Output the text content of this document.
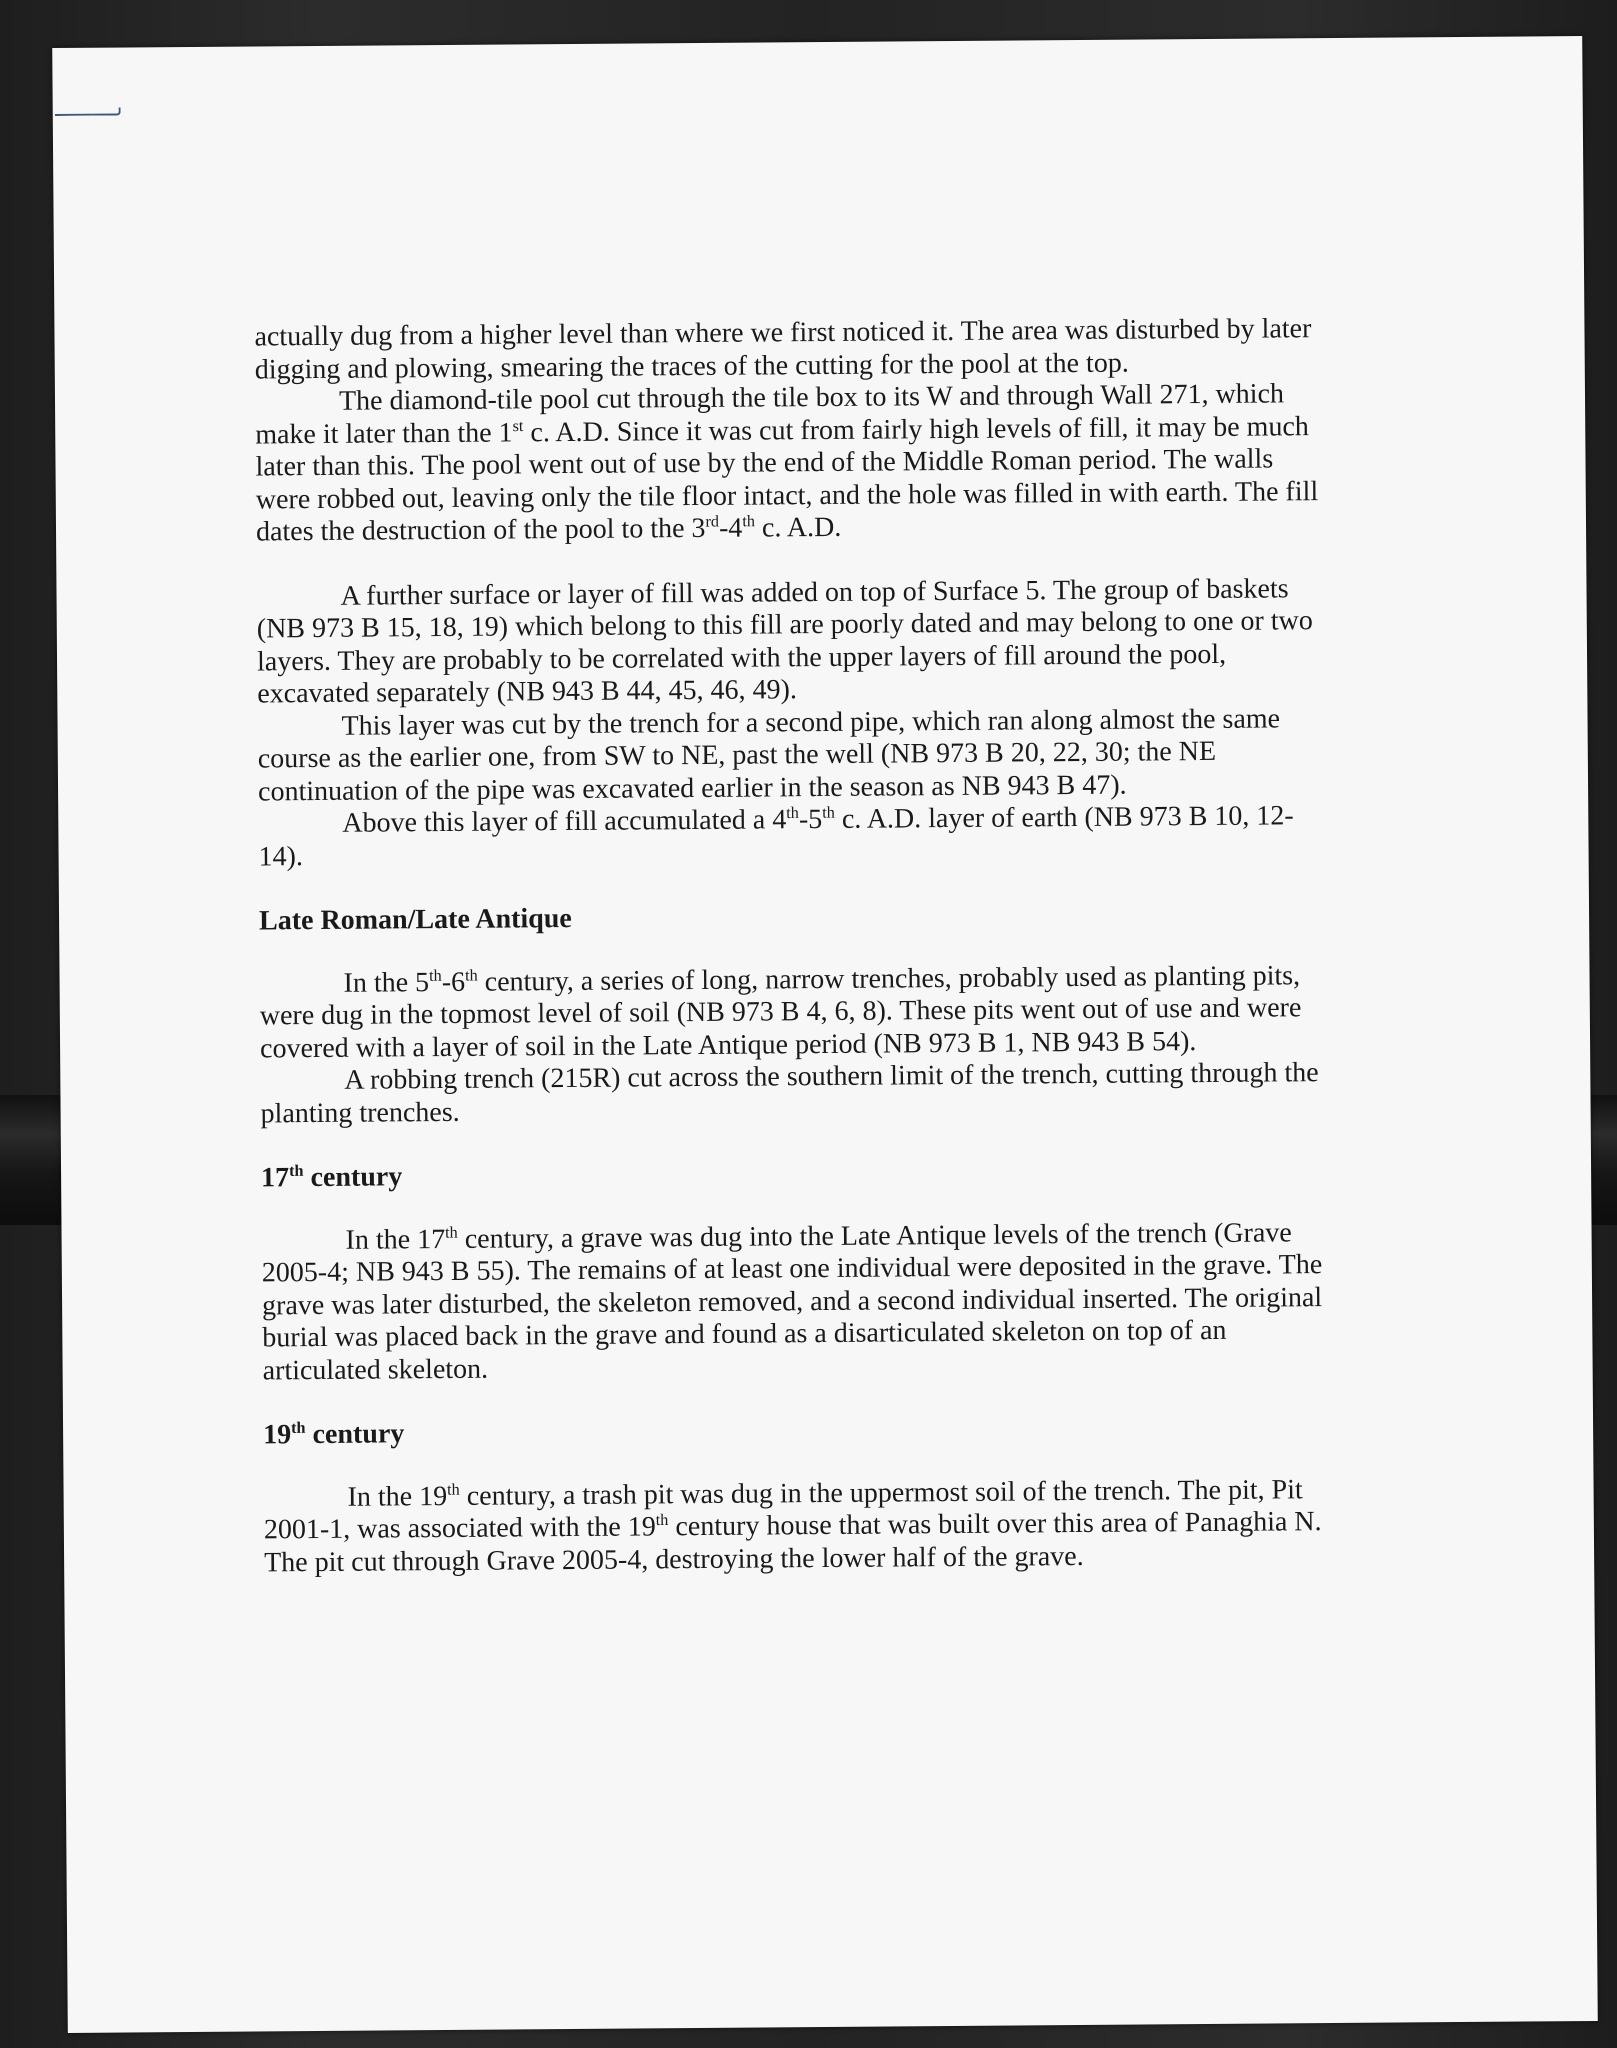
actually dug from a higher level than where we first noticed it. The area was disturbed by later digging and plowing, smearing the traces of the cutting for the pool at the top.

The diamond-tile pool cut through the tile box to its W and through Wall 271, which make it later than the 1st c. A.D. Since it was cut from fairly high levels of fill, it may be much later than this. The pool went out of use by the end of the Middle Roman period. The walls were robbed out, leaving only the tile floor intact, and the hole was filled in with earth. The fill dates the destruction of the pool to the 3rd-4th c. A.D.

A further surface or layer of fill was added on top of Surface 5. The group of baskets (NB 973 B 15, 18, 19) which belong to this fill are poorly dated and may belong to one or two layers. They are probably to be correlated with the upper layers of fill around the pool, excavated separately (NB 943 B 44, 45, 46, 49).

This layer was cut by the trench for a second pipe, which ran along almost the same course as the earlier one, from SW to NE, past the well (NB 973 B 20, 22, 30; the NE continuation of the pipe was excavated earlier in the season as NB 943 B 47).

Above this layer of fill accumulated a 4th-5th c. A.D. layer of earth (NB 973 B 10, 12-14).

Late Roman/Late Antique

In the 5th-6th century, a series of long, narrow trenches, probably used as planting pits, were dug in the topmost level of soil (NB 973 B 4, 6, 8). These pits went out of use and were covered with a layer of soil in the Late Antique period (NB 973 B 1, NB 943 B 54).

A robbing trench (215R) cut across the southern limit of the trench, cutting through the planting trenches.

17th century

In the 17th century, a grave was dug into the Late Antique levels of the trench (Grave 2005-4; NB 943 B 55). The remains of at least one individual were deposited in the grave. The grave was later disturbed, the skeleton removed, and a second individual inserted. The original burial was placed back in the grave and found as a disarticulated skeleton on top of an articulated skeleton.

19th century

In the 19th century, a trash pit was dug in the uppermost soil of the trench. The pit, Pit 2001-1, was associated with the 19th century house that was built over this area of Panaghia N. The pit cut through Grave 2005-4, destroying the lower half of the grave.
